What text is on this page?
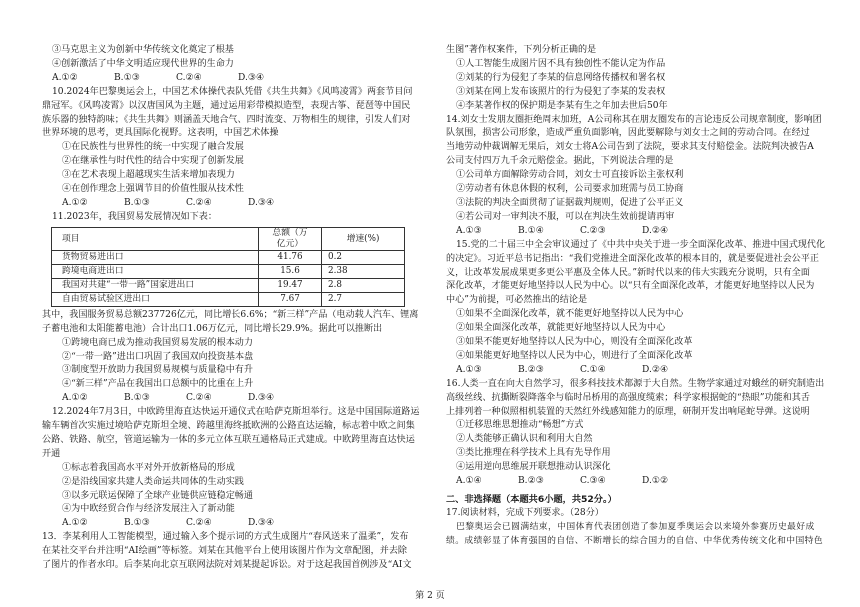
③马克思主义为创新中华传统文化奠定了根基
④创新激活了中华文明适应现代世界的生命力
A.①②	B.①③	C.②④	D.③④
10.2024年巴黎奥运会上，中国艺术体操代表队凭借《共生共舞》《风鸣凌霄》两套节目问
鼎冠军。《风鸣凌霄》以汉唐国风为主题，通过运用彩带模拟造型，表现古筝、琵琶等中国民
族乐器的独特韵味；《共生共舞》则涵盖天地合气、四时流变、万物相生的规律，引发人们对
世界环境的思考，更具国际化视野。这表明，中国艺术体操
①在民族性与世界性的统一中实现了融合发展
②在继承性与时代性的结合中实现了创新发展
③在艺术表现上超越现实生活来增加表现力
④在创作理念上强调节目的价值性服从技术性
A.①②	B.①③	C.②④	D.③④
11.2023年，我国贸易发展情况如下表：
项目	总额（万
亿元）	增速(%)
货物贸易进出口	41.76	0.2
跨境电商进出口	15.6	2.38
我国对共建“一带一路”国家进出口	19.47	2.8
自由贸易试验区进出口	7.67	2.7
其中，我国服务贸易总额237726亿元，同比增长6.6%；“新三样”产品（电动载人汽车、锂离
子蓄电池和太阳能蓄电池）合计出口1.06万亿元，同比增长29.9%。据此可以推断出
①跨境电商已成为推动我国贸易发展的根本动力
②“一带一路”进出口巩固了我国双向投资基本盘
③制度型开放助力我国贸易规模与质量稳中有升
④“新三样”产品在我国出口总额中的比重在上升
A.①②	B.①③	C.②④	D.③④
12.2024年7月3日，中欧跨里海直达快运开通仪式在哈萨克斯坦举行。这是中国国际道路运
输车辆首次实施过境哈萨克斯坦全境、跨越里海终抵欧洲的公路直达运输，标志着中欧之间集
公路、铁路、航空，管道运输为一体的多元立体互联互通格局正式建成。中欧跨里海直达快运
开通
①标志着我国高水平对外开放新格局的形成
②是沿线国家共建人类命运共同体的生动实践
③以多元联运保障了全球产业链供应链稳定畅通
④为中欧经贸合作与经济发展注入了新动能
A.①②	B.①③	C.②④	D.③④
13．李某利用人工智能模型，通过输入多个提示词的方式生成图片“春风送来了温柔”，发布
在某社交平台并注明“AI绘画”等标签。刘某在其他平台上使用该图片作为文章配图，并去除
了图片的作者水印。后李某向北京互联网法院对刘某提起诉讼。对于这起我国首例涉及“AI文
生图”著作权案件，下列分析正确的是
①人工智能生成图片因不具有独创性不能认定为作品
②刘某的行为侵犯了李某的信息网络传播权和署名权
③刘某在网上发布该照片的行为侵犯了李某的发表权
④李某著作权的保护期是李某有生之年加去世后50年
14.刘女士发朋友圈拒绝周末加班，A公司称其在朋友圈发布的言论违反公司规章制度，影响团
队氛围，损害公司形象，造成严重负面影响，因此要解除与刘女士之间的劳动合同。在经过
当地劳动仲裁调解无果后，刘女士将A公司告到了法院，要求其支付赔偿金。法院判决被告A
公司支付四万九千余元赔偿金。据此，下列说法合理的是
①公司单方面解除劳动合同，刘女士可直接诉讼主张权利
②劳动者有休息休假的权利，公司要求加班需与员工协商
③法院的判决全面贯彻了证据裁判规则，促进了公平正义
④若公司对一审判决不服，可以在判决生效前提请再审
A.①③	B.①④	C.②③	D.②④
15.党的二十届三中全会审议通过了《中共中央关于进一步全面深化改革、推进中国式现代化
的决定》。习近平总书记指出：“我们党推进全面深化改革的根本目的，就是要促进社会公平正
义，让改革发展成果更多更公平惠及全体人民。”新时代以来的伟大实践充分说明，只有全面
深化改革，才能更好地坚持以人民为中心。以“只有全面深化改革，才能更好地坚持以人民为
中心”为前提，可必然推出的结论是
①如果不全面深化改革，就不能更好地坚持以人民为中心
②如果全面深化改革，就能更好地坚持以人民为中心
③如果不能更好地坚持以人民为中心，则没有全面深化改革
④如果能更好地坚持以人民为中心，则进行了全面深化改革
A.①③	B.②③	C.①④	D.②④
16.人类一直在向大自然学习，很多科技技术都源于大自然。生物学家通过对蛾丝的研究制造出
高级丝线、抗撕断裂降落伞与临时吊桥用的高强度缆索；科学家根据蛇的“热眼”功能和其舌
上排列着一种似照相机装置的天然红外线感知能力的原理，研制开发出响尾蛇导弹。这说明
①迁移思维思想推动“畅想”方式
②人类能够正确认识和利用大自然
③类比推理在科学技术上具有先导作用
④运用逆向思维展开联想推动认识深化
A.①④	B.②③	C.③④	D.①②
二、非选择题（本题共6小题，共52分。）
17.阅读材料，完成下列要求。（28分）
巴黎奥运会已圆满结束，中国体育代表团创造了参加夏季奥运会以来境外参赛历史最好成
绩。成绩彰显了体育强国的自信、不断增长的综合国力的自信、中华优秀传统文化和中国特色
第 2 页
